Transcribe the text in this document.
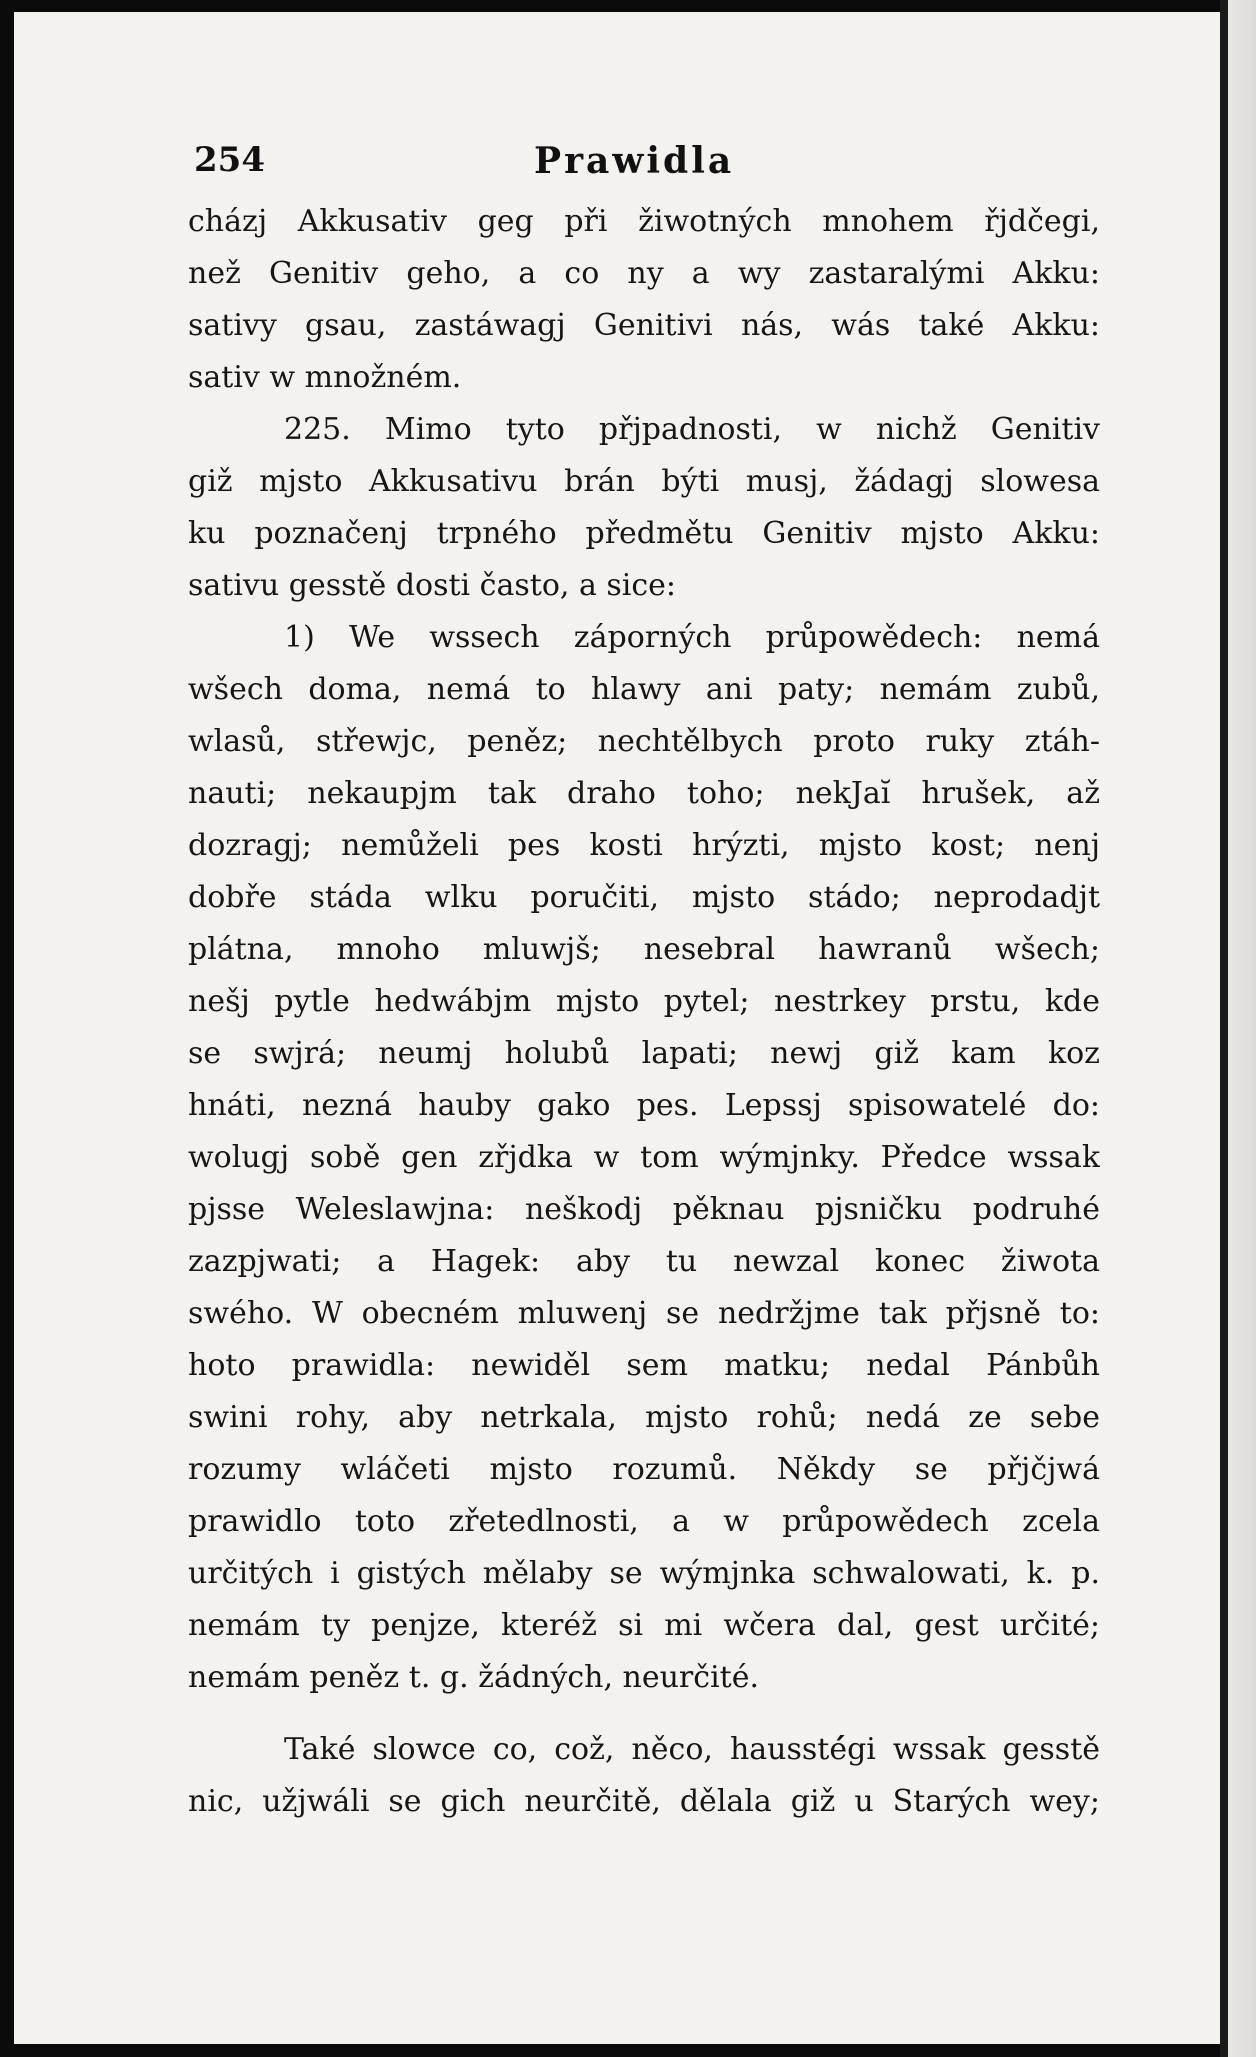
254	Prawidla
cházj Akkusativ geg při žiwotných mnohem řjdčegi,
než Genitiv geho, a co ny a wy zastaralými Akku:
sativy gsau, zastáwagj Genitivi nás, wás také Akku:
sativ w množném.
225. Mimo tyto přjpadnosti, w nichž Genitiv
giž mjsto Akkusativu brán býti musj, žádagj slowesa
ku poznačenj trpného předmětu Genitiv mjsto Akku:
sativu gesstě dosti často, a sice:
1) We wssech záporných průpowědech: nemá
wšech doma, nemá to hlawy ani paty; nemám zubů,
wlasů, střewjc, peněz; nechtělbych proto ruky ztáh-
nauti; nekaupjm tak draho toho; nekJaĭ hrušek, až
dozragj; nemůželi pes kosti hrýzti, mjsto kost; nenj
dobře stáda wlku poručiti, mjsto stádo; neprodadjt
plátna, mnoho mluwjš; nesebral hawranů wšech;
nešj pytle hedwábjm mjsto pytel; nestrkey prstu, kde
se swjrá; neumj holubů lapati; newj giž kam koz
hnáti, nezná hauby gako pes. Lepssj spisowatelé do:
wolugj sobě gen zřjdka w tom wýmjnky. Předce wssak
pjsse Weleslawjna: neškodj pěknau pjsničku podruhé
zazpjwati; a Hagek: aby tu newzal konec žiwota
swého. W obecném mluwenj se nedržjme tak přjsně to:
hoto prawidla: newiděl sem matku; nedal Pánbůh
swini rohy, aby netrkala, mjsto rohů; nedá ze sebe
rozumy wláčeti mjsto rozumů. Někdy se přjčjwá
prawidlo toto zřetedlnosti, a w průpowědech zcela
určitých i gistých mělaby se wýmjnka schwalowati, k. p.
nemám ty penjze, kteréž si mi wčera dal, gest určité;
nemám peněz t. g. žádných, neurčité.
Také slowce co, což, něco, haussté́gi wssak gesstě
nic, užjwáli se gich neurčitě, dělala giž u Starých wey;
